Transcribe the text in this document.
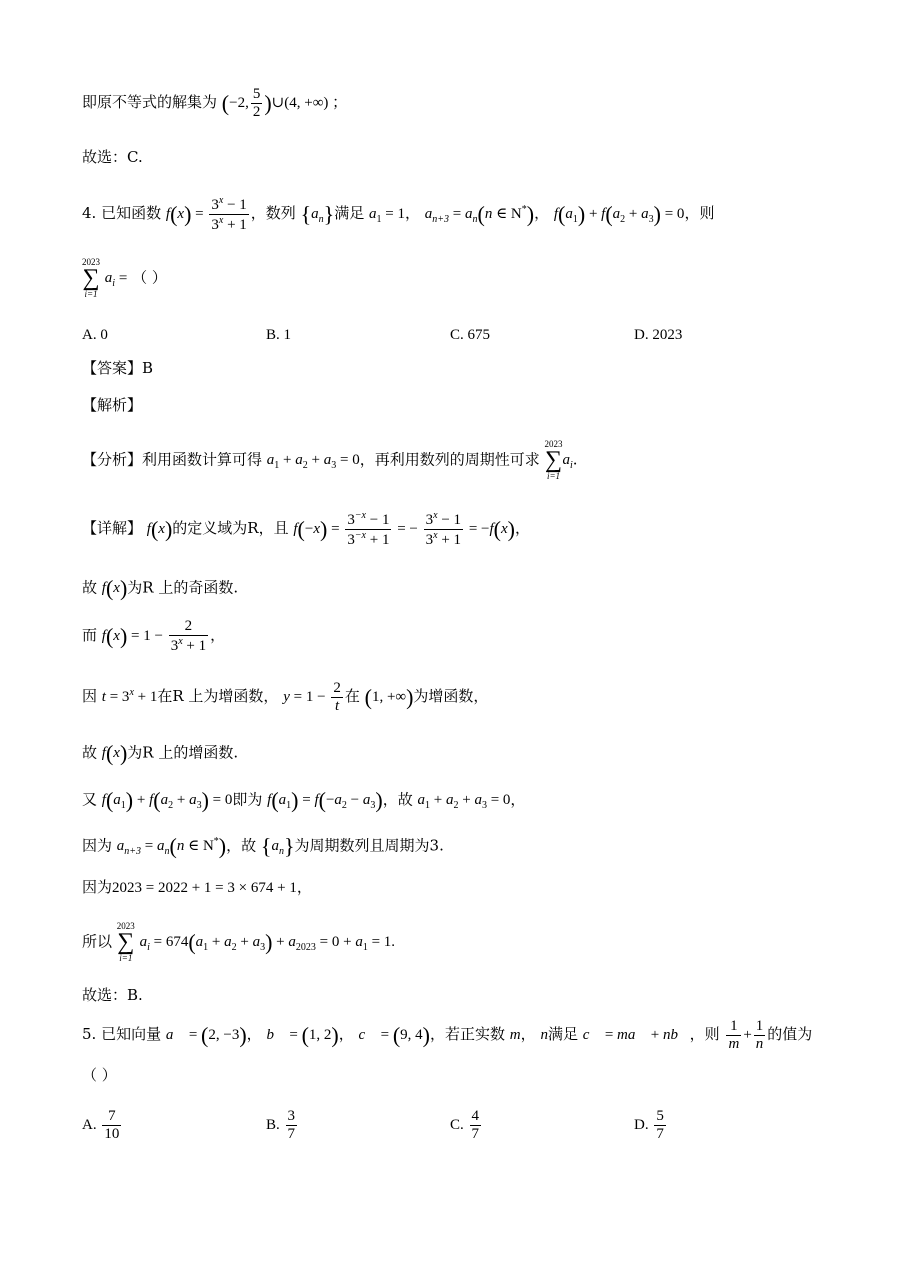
即原不等式的解集为 (−2, $\frac{5}{2}$ )∪(4, +∞) ；
故选：C.
4. 已知函数 $f(x) = \frac{3^x - 1}{3^x + 1}$ ，数列 $\{a_n\}$满足 $a_1 = 1$， $a_{n+3} = a_n(n$ ∈ N*)， $f(a_1) + f(a_2 + a_3) = 0$，则
2023
∑
i=1
$a_i$ = （ ）
A. 0	B. 1	C. 675	D. 2023
【答案】B
【解析】
【分析】利用函数计算可得 $a_1 + a_2 + a_3 = 0$，再利用数列的周期性可求
2023
∑
i=1
$a_i$.
【详解】 f(x)的定义域为R，且 $f(-x) = \frac{3^{-x} - 1}{3^{-x} + 1}$ = − $\frac{3^x - 1}{3^x + 1} = -f(x)$，
故 f(x)为R 上的奇函数.
而 $f(x) = 1 - \frac{2}{3^x + 1}$ ，
因 $t = 3^x + 1$在R 上为增函数， $y = 1 - \frac{2}{t}$ 在 (1, +∞)为增函数，
故 f(x)为R 上的增函数.
又 $f(a_1) + f(a_2 + a_3) = 0$即为 $f(a_1) = f(-a_2 - a_3)$，故 $a_1 + a_2 + a_3 = 0$，
因为 $a_{n+3} = a_n(n$ ∈ N*)，故 $\{a_n\}$为周期数列且周期为3.
因为2023 = 2022 + 1 = 3 × 674 + 1，
所以
2023
∑
i=1
$a_i = 674(a_1 + a_2 + a_3) + a_{2023} = 0 + a_1 = 1$.
故选：B.
5. 已知向量 a⃗ = (2, −3)， b⃗ = (1, 2)， c⃗ = (9, 4)，若正实数 m， n满足 c⃗ = ma⃗ + nb⃗，则 $\frac{1}{m} + \frac{1}{n}$ 的值为
（ ）
A. $\frac{7}{10}$	B. $\frac{3}{7}$	C. $\frac{4}{7}$	D. $\frac{5}{7}$
